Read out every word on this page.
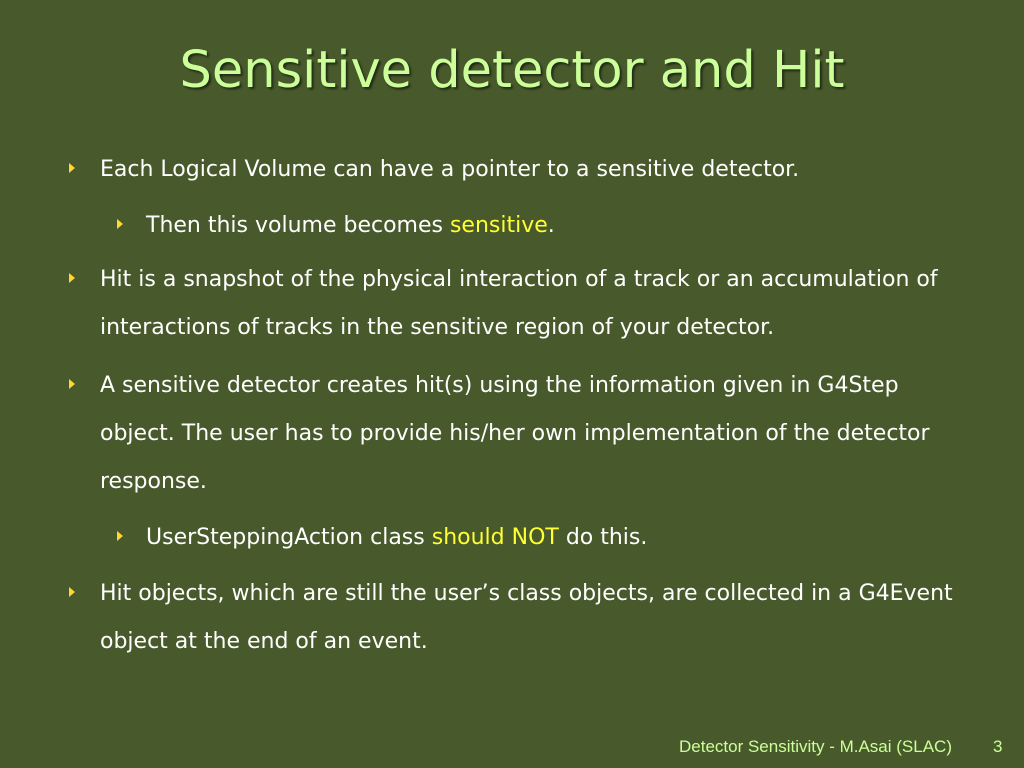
Sensitive detector and Hit
Each Logical Volume can have a pointer to a sensitive detector.
Then this volume becomes sensitive.
Hit is a snapshot of the physical interaction of a track or an accumulation of interactions of tracks in the sensitive region of your detector.
A sensitive detector creates hit(s) using the information given in G4Step object. The user has to provide his/her own implementation of the detector response.
UserSteppingAction class should NOT do this.
Hit objects, which are still the user’s class objects, are collected in a G4Event object at the end of an event.
Detector Sensitivity - M.Asai (SLAC) 3
